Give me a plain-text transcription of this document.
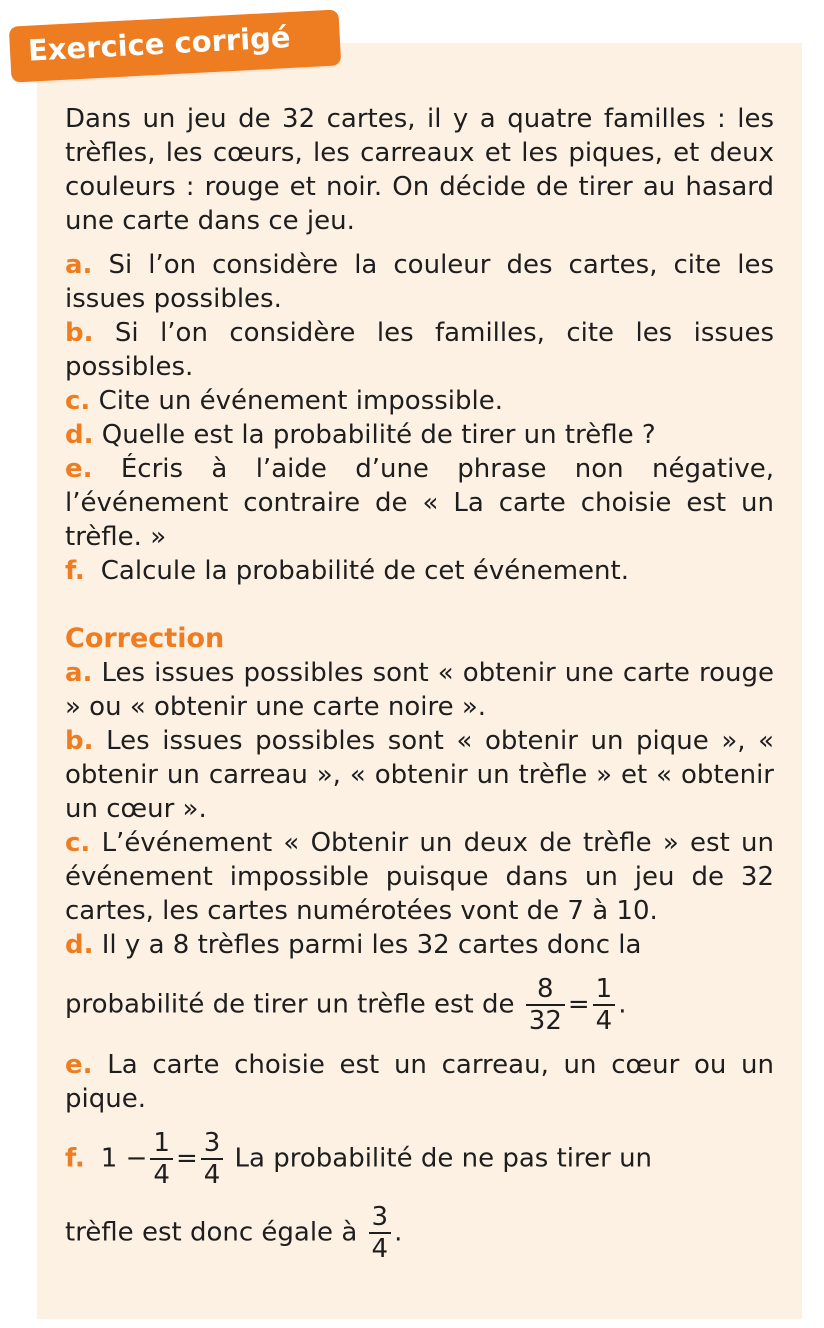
Exercice corrigé

Dans un jeu de 32 cartes, il y a quatre familles : les trèfles, les cœurs, les carreaux et les piques, et deux couleurs : rouge et noir. On décide de tirer au hasard une carte dans ce jeu.

a. Si l’on considère la couleur des cartes, cite les issues possibles.

b. Si l’on considère les familles, cite les issues possibles.

c. Cite un événement impossible.

d. Quelle est la probabilité de tirer un trèfle ?

e. Écris à l’aide d’une phrase non négative, l’événement contraire de « La carte choisie est un trèfle. »

f. Calcule la probabilité de cet événement.

Correction

a. Les issues possibles sont « obtenir une carte rouge » ou « obtenir une carte noire ».

b. Les issues possibles sont « obtenir un pique », « obtenir un carreau », « obtenir un trèfle » et « obtenir un cœur ».

c. L’événement « Obtenir un deux de trèfle » est un événement impossible puisque dans un jeu de 32 cartes, les cartes numérotées vont de 7 à 10.

d. Il y a 8 trèfles parmi les 32 cartes donc la

probabilité de tirer un trèfle est de $\frac{8}{32} = \frac{1}{4}$ .

e. La carte choisie est un carreau, un cœur ou un pique.

f. $1 - \frac{1}{4} = \frac{3}{4}$ La probabilité de ne pas tirer un

trèfle est donc égale à $\frac{3}{4}$ .
